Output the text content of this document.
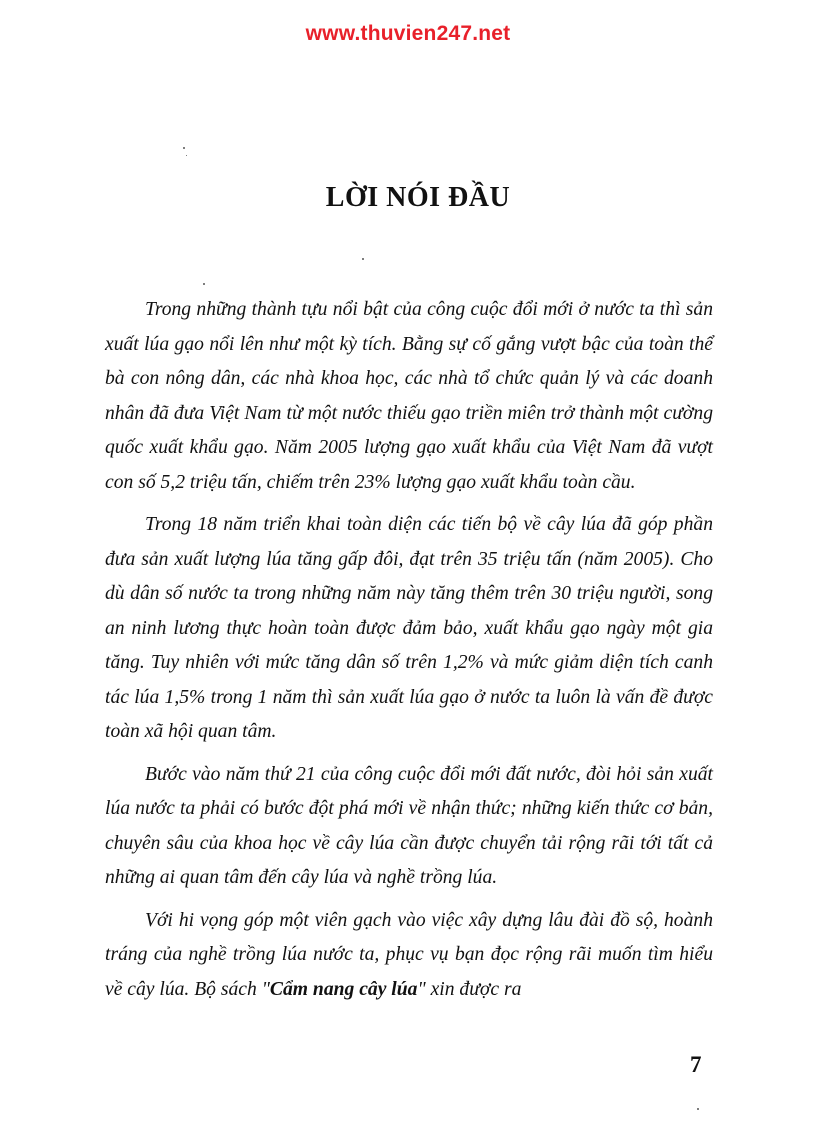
www.thuvien247.net
LỜI NÓI ĐẦU

Trong những thành tựu nổi bật của công cuộc đổi mới ở nước ta thì sản xuất lúa gạo nổi lên như một kỳ tích. Bằng sự cố gắng vượt bậc của toàn thể bà con nông dân, các nhà khoa học, các nhà tổ chức quản lý và các doanh nhân đã đưa Việt Nam từ một nước thiếu gạo triền miên trở thành một cường quốc xuất khẩu gạo. Năm 2005 lượng gạo xuất khẩu của Việt Nam đã vượt con số 5,2 triệu tấn, chiếm trên 23% lượng gạo xuất khẩu toàn cầu.

Trong 18 năm triển khai toàn diện các tiến bộ về cây lúa đã góp phần đưa sản xuất lượng lúa tăng gấp đôi, đạt trên 35 triệu tấn (năm 2005). Cho dù dân số nước ta trong những năm này tăng thêm trên 30 triệu người, song an ninh lương thực hoàn toàn được đảm bảo, xuất khẩu gạo ngày một gia tăng. Tuy nhiên với mức tăng dân số trên 1,2% và mức giảm diện tích canh tác lúa 1,5% trong 1 năm thì sản xuất lúa gạo ở nước ta luôn là vấn đề được toàn xã hội quan tâm.

Bước vào năm thứ 21 của công cuộc đổi mới đất nước, đòi hỏi sản xuất lúa nước ta phải có bước đột phá mới về nhận thức; những kiến thức cơ bản, chuyên sâu của khoa học về cây lúa cần được chuyển tải rộng rãi tới tất cả những ai quan tâm đến cây lúa và nghề trồng lúa.

Với hi vọng góp một viên gạch vào việc xây dựng lâu đài đồ sộ, hoành tráng của nghề trồng lúa nước ta, phục vụ bạn đọc rộng rãi muốn tìm hiểu về cây lúa. Bộ sách "Cẩm nang cây lúa" xin được ra

7
